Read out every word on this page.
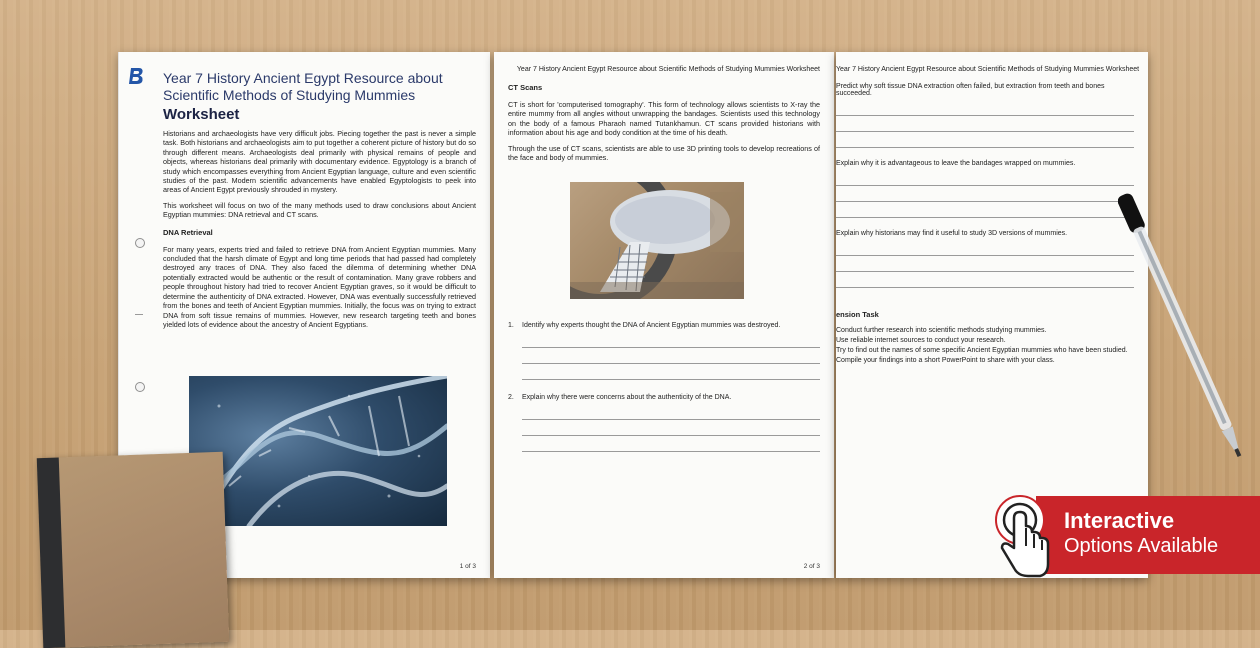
Year 7 History Ancient Egypt Resource about Scientific Methods of Studying Mummies
Worksheet

Historians and archaeologists have very difficult jobs. Piecing together the past is never a simple task. Both historians and archaeologists aim to put together a coherent picture of history but do so through different means. Archaeologists deal primarily with physical remains of people and objects, whereas historians deal primarily with documentary evidence. Egyptology is a branch of study which encompasses everything from Ancient Egyptian language, culture and even scientific studies of the past. Modern scientific advancements have enabled Egyptologists to peek into areas of Ancient Egypt previously shrouded in mystery.

This worksheet will focus on two of the many methods used to draw conclusions about Ancient Egyptian mummies: DNA retrieval and CT scans.

DNA Retrieval

For many years, experts tried and failed to retrieve DNA from Ancient Egyptian mummies. Many concluded that the harsh climate of Egypt and long time periods that had passed had completely destroyed any traces of DNA. They also faced the dilemma of determining whether DNA potentially extracted would be authentic or the result of contamination. Many grave robbers and people throughout history had tried to recover Ancient Egyptian graves, so it would be difficult to determine the authenticity of DNA extracted. However, DNA was eventually successfully retrieved from the bones and teeth of Ancient Egyptian mummies. Initially, the focus was on trying to extract DNA from soft tissue remains of mummies. However, new research targeting teeth and bones yielded lots of evidence about the ancestry of Ancient Egyptians.

1 of 3
Year 7 History Ancient Egypt Resource about Scientific Methods of Studying Mummies Worksheet
CT Scans

CT is short for 'computerised tomography'. This form of technology allows scientists to X-ray the entire mummy from all angles without unwrapping the bandages. Scientists used this technology on the body of a famous Pharaoh named Tutankhamun. CT scans provided historians with information about his age and body condition at the time of his death.

Through the use of CT scans, scientists are able to use 3D printing tools to develop recreations of the face and body of mummies.

1.	Identify why experts thought the DNA of Ancient Egyptian mummies was destroyed.
2.	Explain why there were concerns about the authenticity of the DNA.
2 of 3
Year 7 History Ancient Egypt Resource about Scientific Methods of Studying Mummies Worksheet
Predict why soft tissue DNA extraction often failed, but extraction from teeth and bones succeeded.
Explain why it is advantageous to leave the bandages wrapped on mummies.
Explain why historians may find it useful to study 3D versions of mummies.
ension Task
Conduct further research into scientific methods studying mummies.
Use reliable internet sources to conduct your research.
Try to find out the names of some specific Ancient Egyptian mummies who have been studied.
Compile your findings into a short PowerPoint to share with your class.
Interactive
Options Available
